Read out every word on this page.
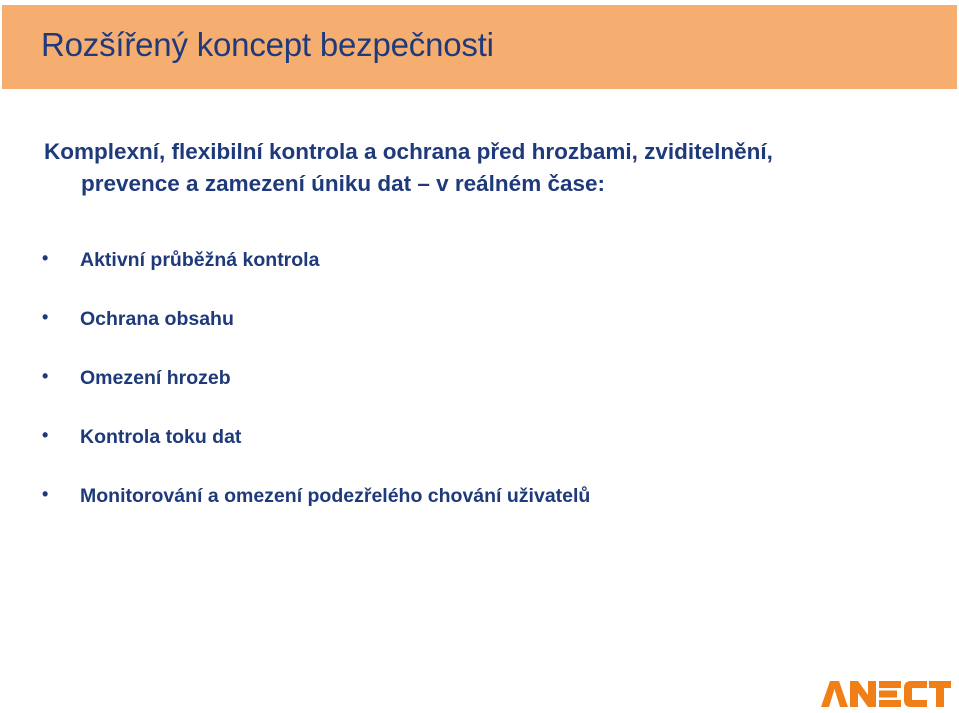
Rozšířený koncept bezpečnosti
Komplexní, flexibilní kontrola a ochrana před hrozbami, zviditelnění,
prevence a zamezení úniku dat – v reálném čase:
• Aktivní průběžná kontrola
• Ochrana obsahu
• Omezení hrozeb
• Kontrola toku dat
• Monitorování a omezení podezřelého chování uživatelů
